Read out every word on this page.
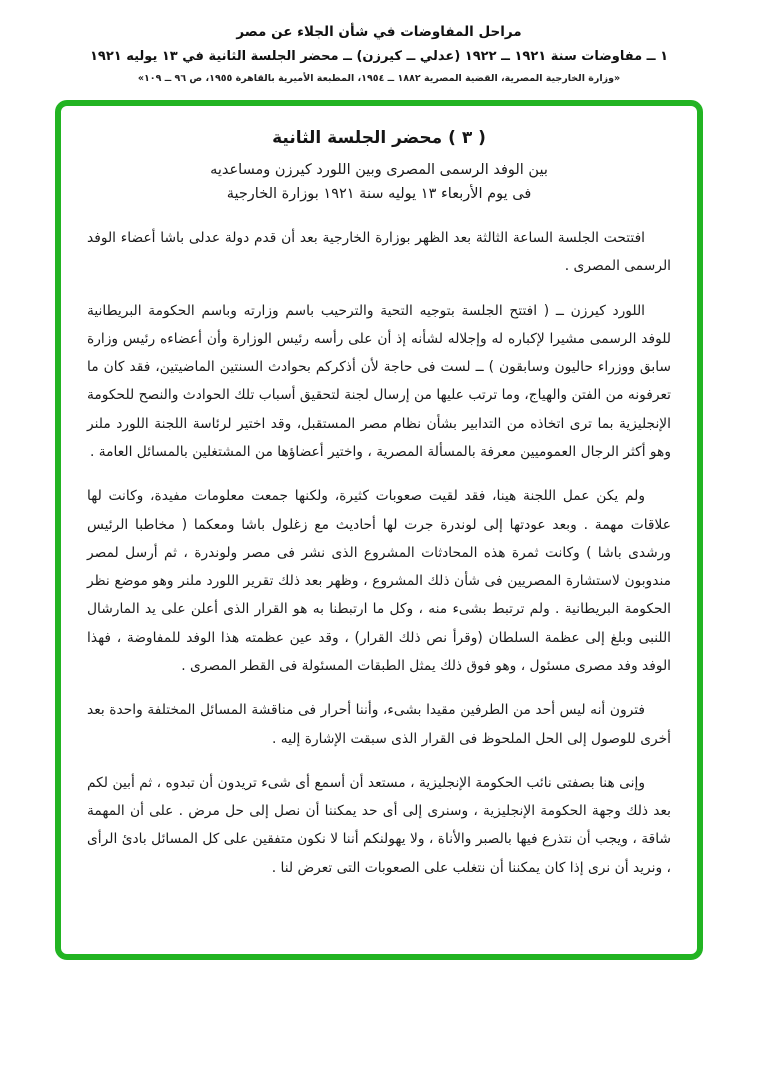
مراحل المفاوضات في شأن الجلاء عن مصر
١ ــ مفاوضات سنة ١٩٢١ ــ ١٩٢٢ (عدلي ــ كيرزن) ــ محضر الجلسة الثانية في ١٣ يوليه ١٩٢١
«وزارة الخارجية المصرية، القضية المصرية ١٨٨٢ ــ ١٩٥٤، المطبعة الأميرية بالقاهرة ١٩٥٥، ص ٩٦ ــ ١٠٩»
( ٣ ) محضر الجلسة الثانية
بين الوفد الرسمى المصرى وبين اللورد كيرزن ومساعديه
فى يوم الأربعاء ١٣ يوليه سنة ١٩٢١ بوزارة الخارجية

افتتحت الجلسة الساعة الثالثة بعد الظهر بوزارة الخارجية بعد أن قدم دولة عدلى باشا أعضاء الوفد الرسمى المصرى .

اللورد كيرزن ــ ( افتتح الجلسة بتوجيه التحية والترحيب باسم وزارته وباسم الحكومة البريطانية للوفد الرسمى مشيرا لإكباره له وإجلاله لشأنه إذ أن على رأسه رئيس الوزارة وأن أعضاءه رئيس وزارة سابق ووزراء حاليون وسابقون ) ــ لست فى حاجة لأن أذكركم بحوادث السنتين الماضيتين، فقد كان ما تعرفونه من الفتن والهياج، وما ترتب عليها من إرسال لجنة لتحقيق أسباب تلك الحوادث والنصح للحكومة الإنجليزية بما ترى اتخاذه من التدابير بشأن نظام مصر المستقبل، وقد اختير لرئاسة اللجنة اللورد ملنر وهو أكثر الرجال العموميين معرفة بالمسألة المصرية ، واختير أعضاؤها من المشتغلين بالمسائل العامة .

ولم يكن عمل اللجنة هينا، فقد لقيت صعوبات كثيرة، ولكنها جمعت معلومات مفيدة، وكانت لها علاقات مهمة . وبعد عودتها إلى لوندرة جرت لها أحاديث مع زغلول باشا ومعكما ( مخاطبا الرئيس ورشدى باشا ) وكانت ثمرة هذه المحادثات المشروع الذى نشر فى مصر ولوندرة ، ثم أرسل لمصر مندوبون لاستشارة المصريين فى شأن ذلك المشروع ، وظهر بعد ذلك تقرير اللورد ملنر وهو موضع نظر الحكومة البريطانية . ولم ترتبط بشىء منه ، وكل ما ارتبطنا به هو القرار الذى أعلن على يد المارشال اللنبى وبلغ إلى عظمة السلطان (وقرأ نص ذلك القرار) ، وقد عين عظمته هذا الوفد للمفاوضة ، فهذا الوفد وفد مصرى مسئول ، وهو فوق ذلك يمثل الطبقات المسئولة فى القطر المصرى .

فترون أنه ليس أحد من الطرفين مقيدا بشىء، وأننا أحرار فى مناقشة المسائل المختلفة واحدة بعد أخرى للوصول إلى الحل الملحوظ فى القرار الذى سبقت الإشارة إليه .

وإنى هنا بصفتى نائب الحكومة الإنجليزية ، مستعد أن أسمع أى شىء تريدون أن تبدوه ، ثم أبين لكم بعد ذلك وجهة الحكومة الإنجليزية ، وسنرى إلى أى حد يمكننا أن نصل إلى حل مرض . على أن المهمة شاقة ، ويجب أن نتذرع فيها بالصبر والأناة ، ولا يهولنكم أننا لا نكون متفقين على كل المسائل بادئ الرأى ، ونريد أن نرى إذا كان يمكننا أن نتغلب على الصعوبات التى تعرض لنا .
